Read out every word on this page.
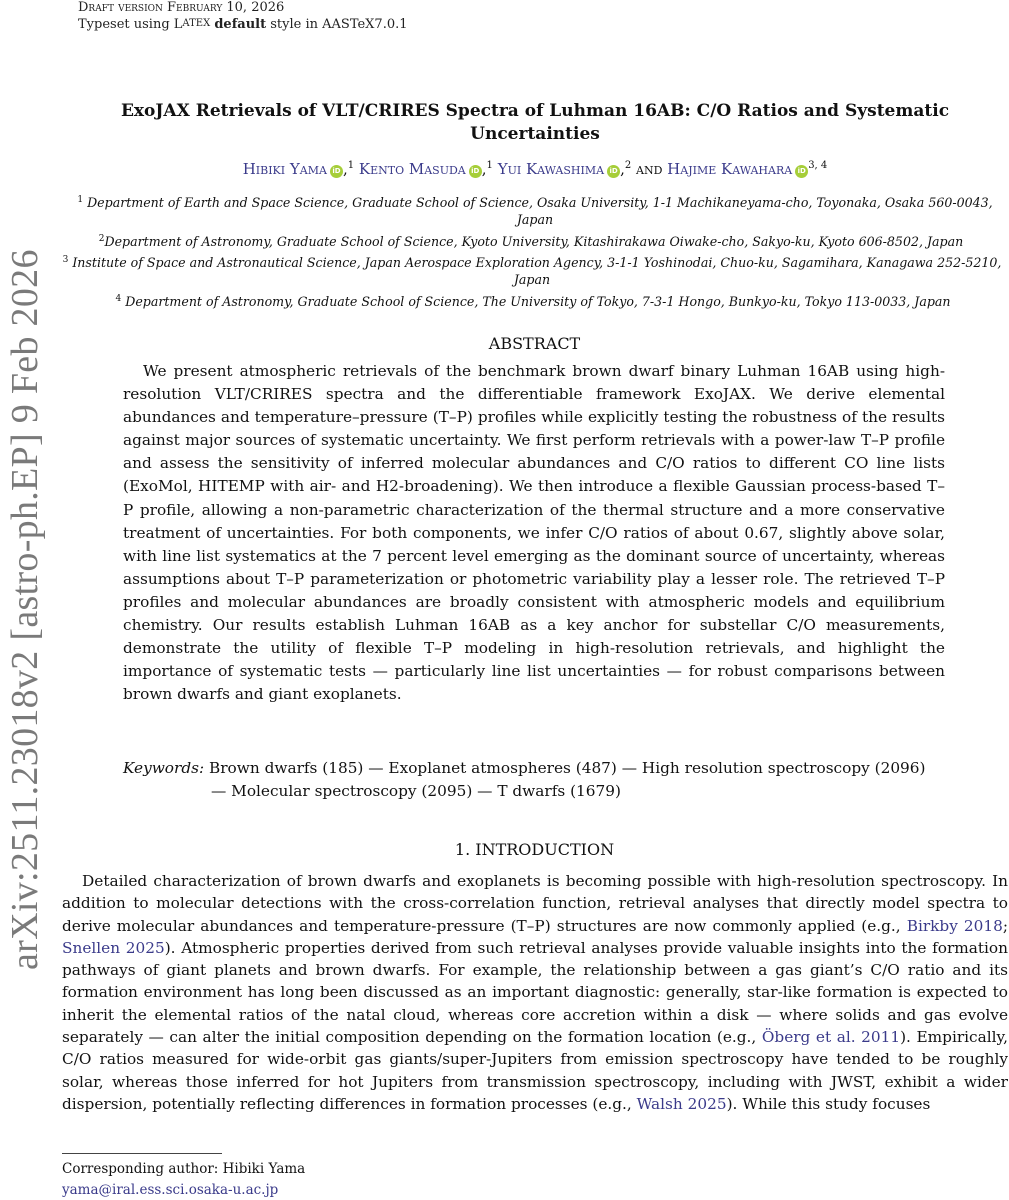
Draft version February 10, 2026
Typeset using LATEX default style in AASTeX7.0.1
arXiv:2511.23018v2 [astro-ph.EP] 9 Feb 2026
ExoJAX Retrievals of VLT/CRIRES Spectra of Luhman 16AB: C/O Ratios and Systematic Uncertainties
Hibiki Yama iD ,$^1$ Kento Masuda iD ,$^1$ Yui Kawashima iD ,$^2$ and Hajime Kawahara iD $^{3, 4}$
$^1$ Department of Earth and Space Science, Graduate School of Science, Osaka University, 1-1 Machikaneyama-cho, Toyonaka, Osaka 560-0043, Japan
$^2$Department of Astronomy, Graduate School of Science, Kyoto University, Kitashirakawa Oiwake-cho, Sakyo-ku, Kyoto 606-8502, Japan
$^3$ Institute of Space and Astronautical Science, Japan Aerospace Exploration Agency, 3-1-1 Yoshinodai, Chuo-ku, Sagamihara, Kanagawa 252-5210, Japan
$^4$ Department of Astronomy, Graduate School of Science, The University of Tokyo, 7-3-1 Hongo, Bunkyo-ku, Tokyo 113-0033, Japan
ABSTRACT

We present atmospheric retrievals of the benchmark brown dwarf binary Luhman 16AB using high-resolution VLT/CRIRES spectra and the differentiable framework ExoJAX. We derive elemental abundances and temperature–pressure (T–P) profiles while explicitly testing the robustness of the results against major sources of systematic uncertainty. We first perform retrievals with a power-law T–P profile and assess the sensitivity of inferred molecular abundances and C/O ratios to different CO line lists (ExoMol, HITEMP with air- and H2-broadening). We then introduce a flexible Gaussian process-based T–P profile, allowing a non-parametric characterization of the thermal structure and a more conservative treatment of uncertainties. For both components, we infer C/O ratios of about 0.67, slightly above solar, with line list systematics at the 7 percent level emerging as the dominant source of uncertainty, whereas assumptions about T–P parameterization or photometric variability play a lesser role. The retrieved T–P profiles and molecular abundances are broadly consistent with atmospheric models and equilibrium chemistry. Our results establish Luhman 16AB as a key anchor for substellar C/O measurements, demonstrate the utility of flexible T–P modeling in high-resolution retrievals, and highlight the importance of systematic tests — particularly line list uncertainties — for robust comparisons between brown dwarfs and giant exoplanets.

Keywords: Brown dwarfs (185) — Exoplanet atmospheres (487) — High resolution spectroscopy (2096)
— Molecular spectroscopy (2095) — T dwarfs (1679)
1. INTRODUCTION

Detailed characterization of brown dwarfs and exoplanets is becoming possible with high-resolution spectroscopy. In addition to molecular detections with the cross-correlation function, retrieval analyses that directly model spectra to derive molecular abundances and temperature-pressure (T–P) structures are now commonly applied (e.g., Birkby 2018; Snellen 2025). Atmospheric properties derived from such retrieval analyses provide valuable insights into the formation pathways of giant planets and brown dwarfs. For example, the relationship between a gas giant’s C/O ratio and its formation environment has long been discussed as an important diagnostic: generally, star-like formation is expected to inherit the elemental ratios of the natal cloud, whereas core accretion within a disk — where solids and gas evolve separately — can alter the initial composition depending on the formation location (e.g., Öberg et al. 2011). Empirically, C/O ratios measured for wide-orbit gas giants/super-Jupiters from emission spectroscopy have tended to be roughly solar, whereas those inferred for hot Jupiters from transmission spectroscopy, including with JWST, exhibit a wider dispersion, potentially reflecting differences in formation processes (e.g., Walsh 2025). While this study focuses

Corresponding author: Hibiki Yama
yama@iral.ess.sci.osaka-u.ac.jp
